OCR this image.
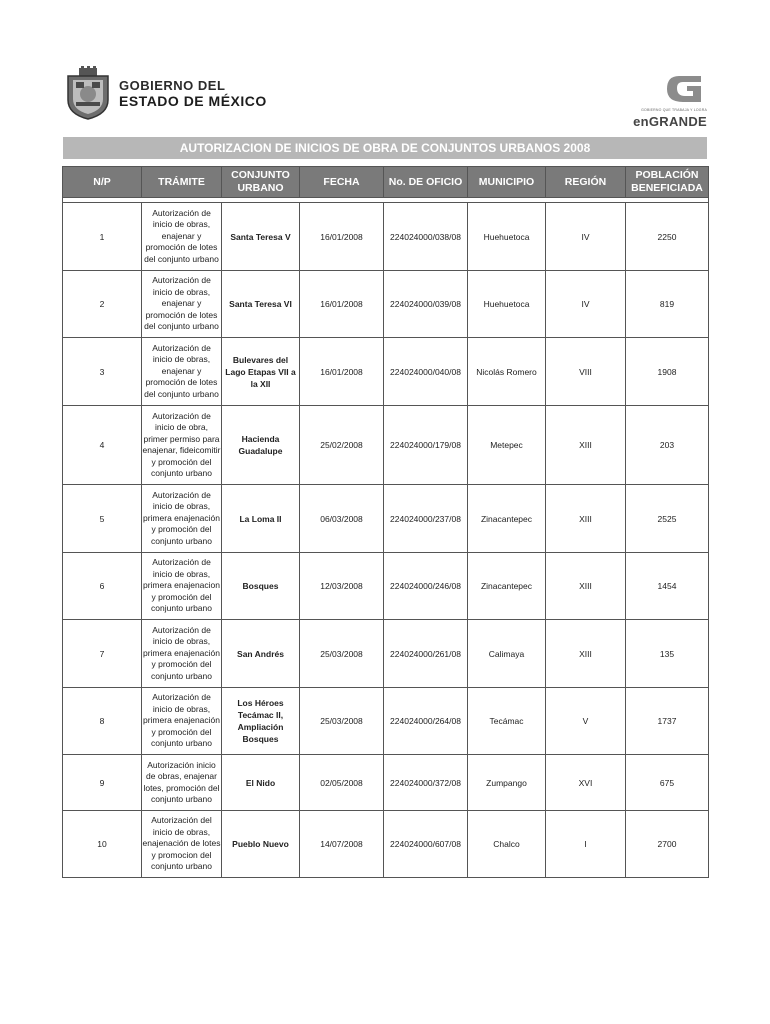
GOBIERNO DEL
ESTADO DE MÉXICO
GOBIERNO QUE TRABAJA Y LOGRA
enGRANDE
AUTORIZACION DE INICIOS DE OBRA DE CONJUNTOS URBANOS 2008
N/P	TRÁMITE	CONJUNTO URBANO	FECHA	No. DE OFICIO	MUNICIPIO	REGIÓN	POBLACIÓN BENEFICIADA

1	Autorización de inicio de obras, enajenar y promoción de lotes del conjunto urbano	Santa Teresa V	16/01/2008	224024000/038/08	Huehuetoca	IV	2250
2	Autorización de inicio de obras, enajenar y promoción de lotes del conjunto urbano	Santa Teresa VI	16/01/2008	224024000/039/08	Huehuetoca	IV	819
3	Autorización de inicio de obras, enajenar y promoción de lotes del conjunto urbano	Bulevares del Lago Etapas VII a la XII	16/01/2008	224024000/040/08	Nicolás Romero	VIII	1908
4	Autorización de inicio de obra, primer permiso para enajenar, fideicomitir y promoción del conjunto urbano	Hacienda Guadalupe	25/02/2008	224024000/179/08	Metepec	XIII	203
5	Autorización de inicio de obras, primera enajenación y promoción del conjunto urbano	La Loma II	06/03/2008	224024000/237/08	Zinacantepec	XIII	2525
6	Autorización de inicio de obras, primera enajenacion y promoción del conjunto urbano	Bosques	12/03/2008	224024000/246/08	Zinacantepec	XIII	1454
7	Autorización de inicio de obras, primera enajenación y promoción del conjunto urbano	San Andrés	25/03/2008	224024000/261/08	Calimaya	XIII	135
8	Autorización de inicio de obras, primera enajenación y promoción del conjunto urbano	Los Héroes Tecámac II, Ampliación Bosques	25/03/2008	224024000/264/08	Tecámac	V	1737
9	Autorización inicio de obras, enajenar lotes, promoción del conjunto urbano	El Nido	02/05/2008	224024000/372/08	Zumpango	XVI	675
10	Autorización del inicio de obras, enajenación de lotes y promocion del conjunto urbano	Pueblo Nuevo	14/07/2008	224024000/607/08	Chalco	I	2700
